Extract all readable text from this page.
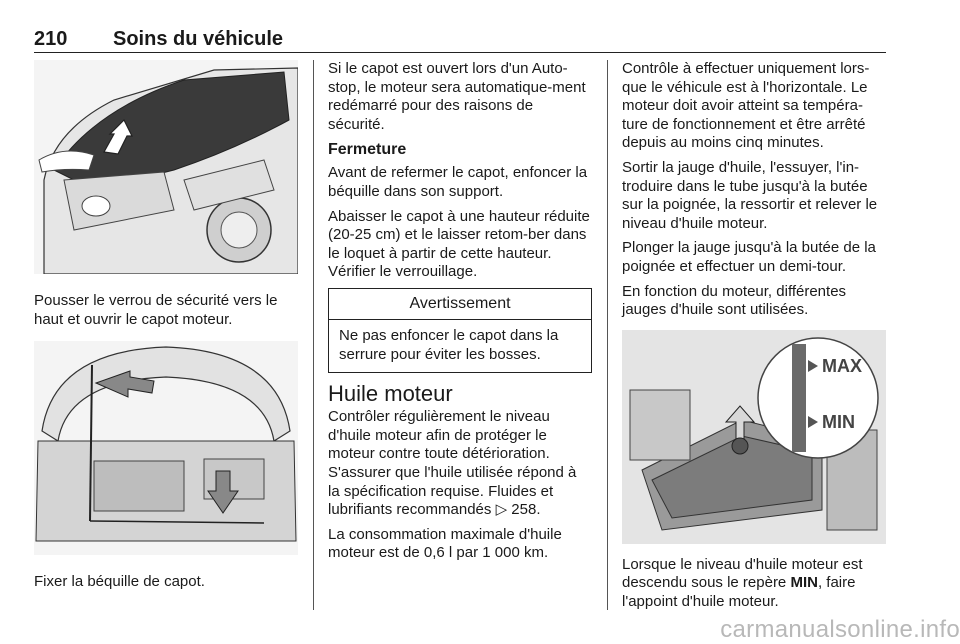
210 Soins du véhicule

Pousser le verrou de sécurité vers le haut et ouvrir le capot moteur.

Fixer la béquille de capot.

Si le capot est ouvert lors d'un Auto-stop, le moteur sera automatique-ment redémarré pour des raisons de sécurité.

Fermeture

Avant de refermer le capot, enfoncer la béquille dans son support.

Abaisser le capot à une hauteur réduite (20-25 cm) et le laisser retom-ber dans le loquet à partir de cette hauteur. Vérifier le verrouillage.

Avertissement
Ne pas enfoncer le capot dans la serrure pour éviter les bosses.
Huile moteur

Contrôler régulièrement le niveau d'huile moteur afin de protéger le moteur contre toute détérioration. S'assurer que l'huile utilisée répond à la spécification requise. Fluides et lubrifiants recommandés ▷ 258.

La consommation maximale d'huile moteur est de 0,6 l par 1 000 km.

Contrôle à effectuer uniquement lors-que le véhicule est à l'horizontale. Le moteur doit avoir atteint sa tempéra-ture de fonctionnement et être arrêté depuis au moins cinq minutes.

Sortir la jauge d'huile, l'essuyer, l'in-troduire dans le tube jusqu'à la butée sur la poignée, la ressortir et relever le niveau d'huile moteur.

Plonger la jauge jusqu'à la butée de la poignée et effectuer un demi-tour.

En fonction du moteur, différentes jauges d'huile sont utilisées.

MAX
MIN

Lorsque le niveau d'huile moteur est descendu sous le repère MIN, faire l'appoint d'huile moteur.

carmanualsonline.info
